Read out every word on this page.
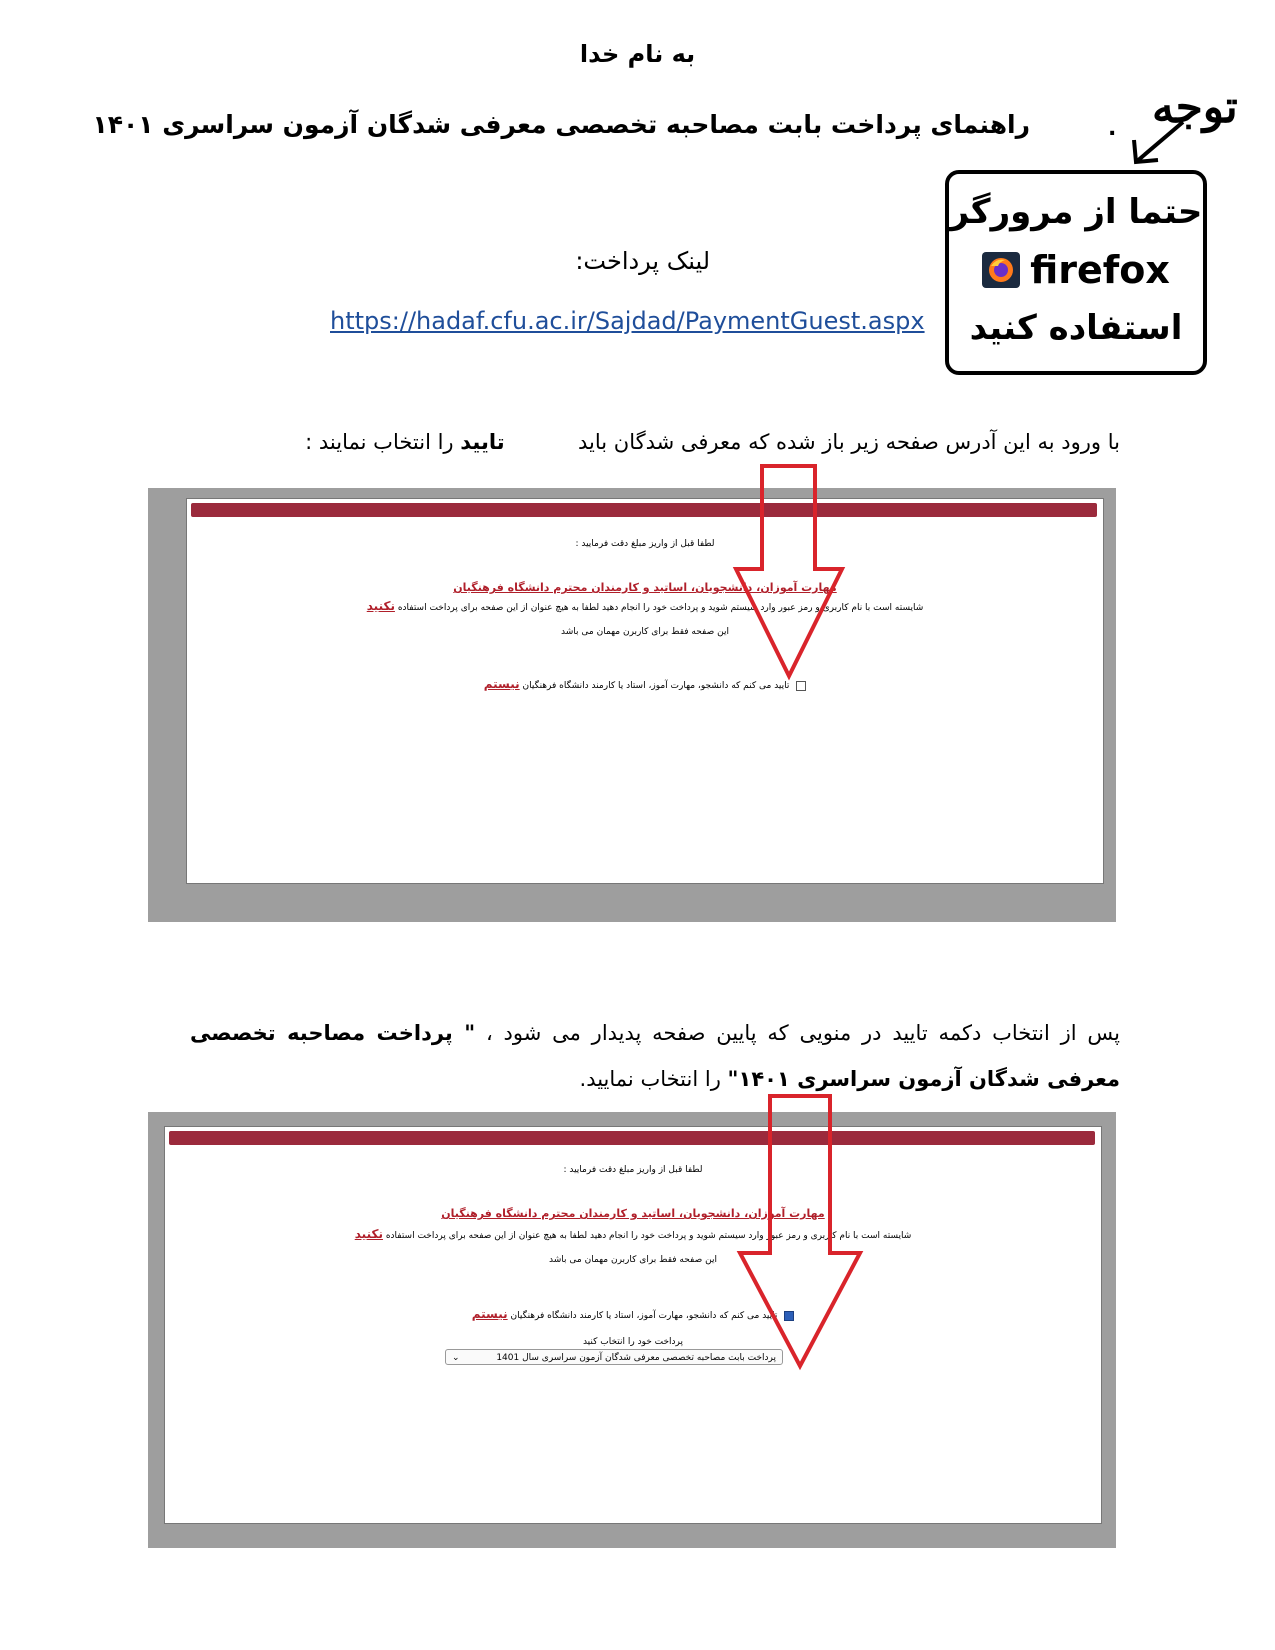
به نام خدا
راهنمای پرداخت بابت مصاحبه تخصصی معرفی شدگان آزمون سراسری ۱۴۰۱	. توجه
حتما از مرورگر
firefox
استفاده کنید
لینک پرداخت:
https://hadaf.cfu.ac.ir/Sajdad/PaymentGuest.aspx
با ورود به این آدرس صفحه زیر باز شده که معرفی شدگان باید  تایید را انتخاب نمایند :
لطفا قبل از واریز مبلغ دقت فرمایید :
مهارت آموزان، دانشجویان، اساتید و کارمندان محترم دانشگاه فرهنگیان
شایسته است با نام کاربری و رمز عبور وارد سیستم شوید و پرداخت خود را انجام دهید لطفا به هیچ عنوان از این صفحه برای پرداخت استفاده نکنید
این صفحه فقط برای کاربرن مهمان می باشد
تایید می کنم که دانشجو، مهارت آموز، استاد یا کارمند دانشگاه فرهنگیان نیستم
پس از انتخاب دکمه تایید در منویی که پایین صفحه پدیدار می شود ، " پرداخت مصاحبه تخصصی معرفی شدگان آزمون سراسری ۱۴۰۱" را انتخاب نمایید.
لطفا قبل از واریز مبلغ دقت فرمایید :
مهارت آموزان، دانشجویان، اساتید و کارمندان محترم دانشگاه فرهنگیان
شایسته است با نام کاربری و رمز عبور وارد سیستم شوید و پرداخت خود را انجام دهید لطفا به هیچ عنوان از این صفحه برای پرداخت استفاده نکنید
این صفحه فقط برای کاربرن مهمان می باشد
تایید می کنم که دانشجو، مهارت آموز، استاد یا کارمند دانشگاه فرهنگیان نیستم
پرداخت خود را انتخاب کنید
پرداخت بابت مصاحبه تخصصی معرفی شدگان آزمون سراسری سال 1401
⌄
